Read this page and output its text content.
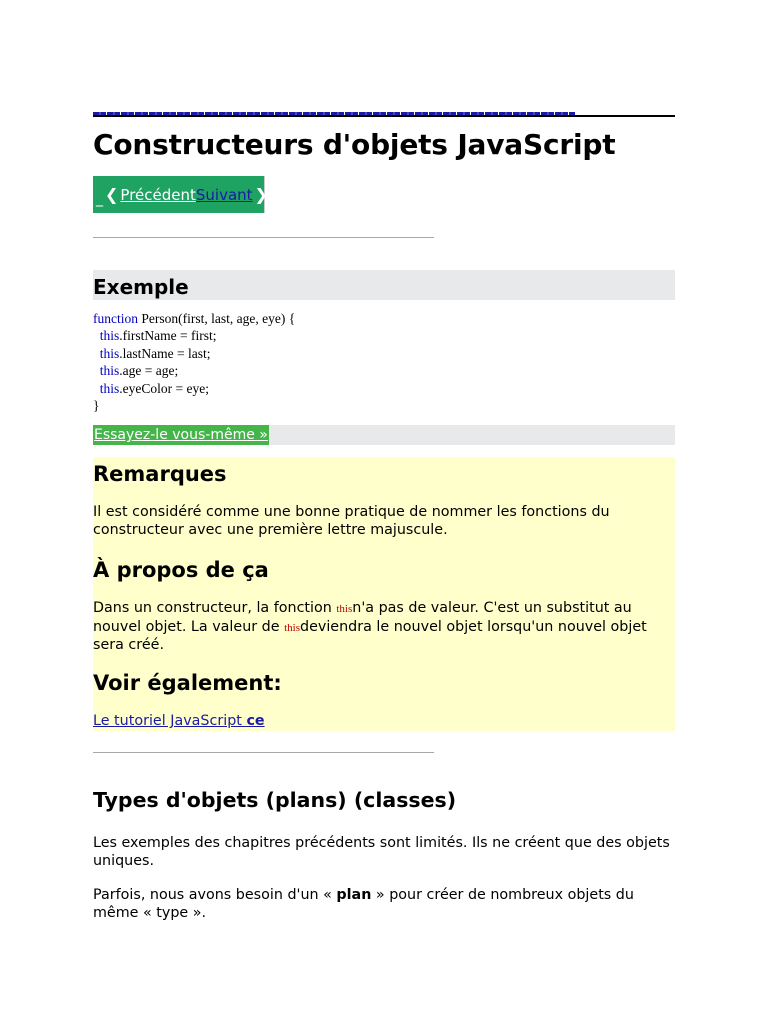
Constructeurs d'objets JavaScript
_ ❮ Précédent Suivant ❯
Exemple
function Person(first, last, age, eye) {
this.firstName = first;
this.lastName = last;
this.age = age;
this.eyeColor = eye;
}
Essayez-le vous-même »
Remarques

Il est considéré comme une bonne pratique de nommer les fonctions du constructeur avec une première lettre majuscule.

À propos de ça

Dans un constructeur, la fonction thisn'a pas de valeur. C'est un substitut au nouvel objet. La valeur de thisdeviendra le nouvel objet lorsqu'un nouvel objet sera créé.

Voir également:
Le tutoriel JavaScript ce
Types d'objets (plans) (classes)

Les exemples des chapitres précédents sont limités. Ils ne créent que des objets uniques.

Parfois, nous avons besoin d'un « plan » pour créer de nombreux objets du même « type ».
